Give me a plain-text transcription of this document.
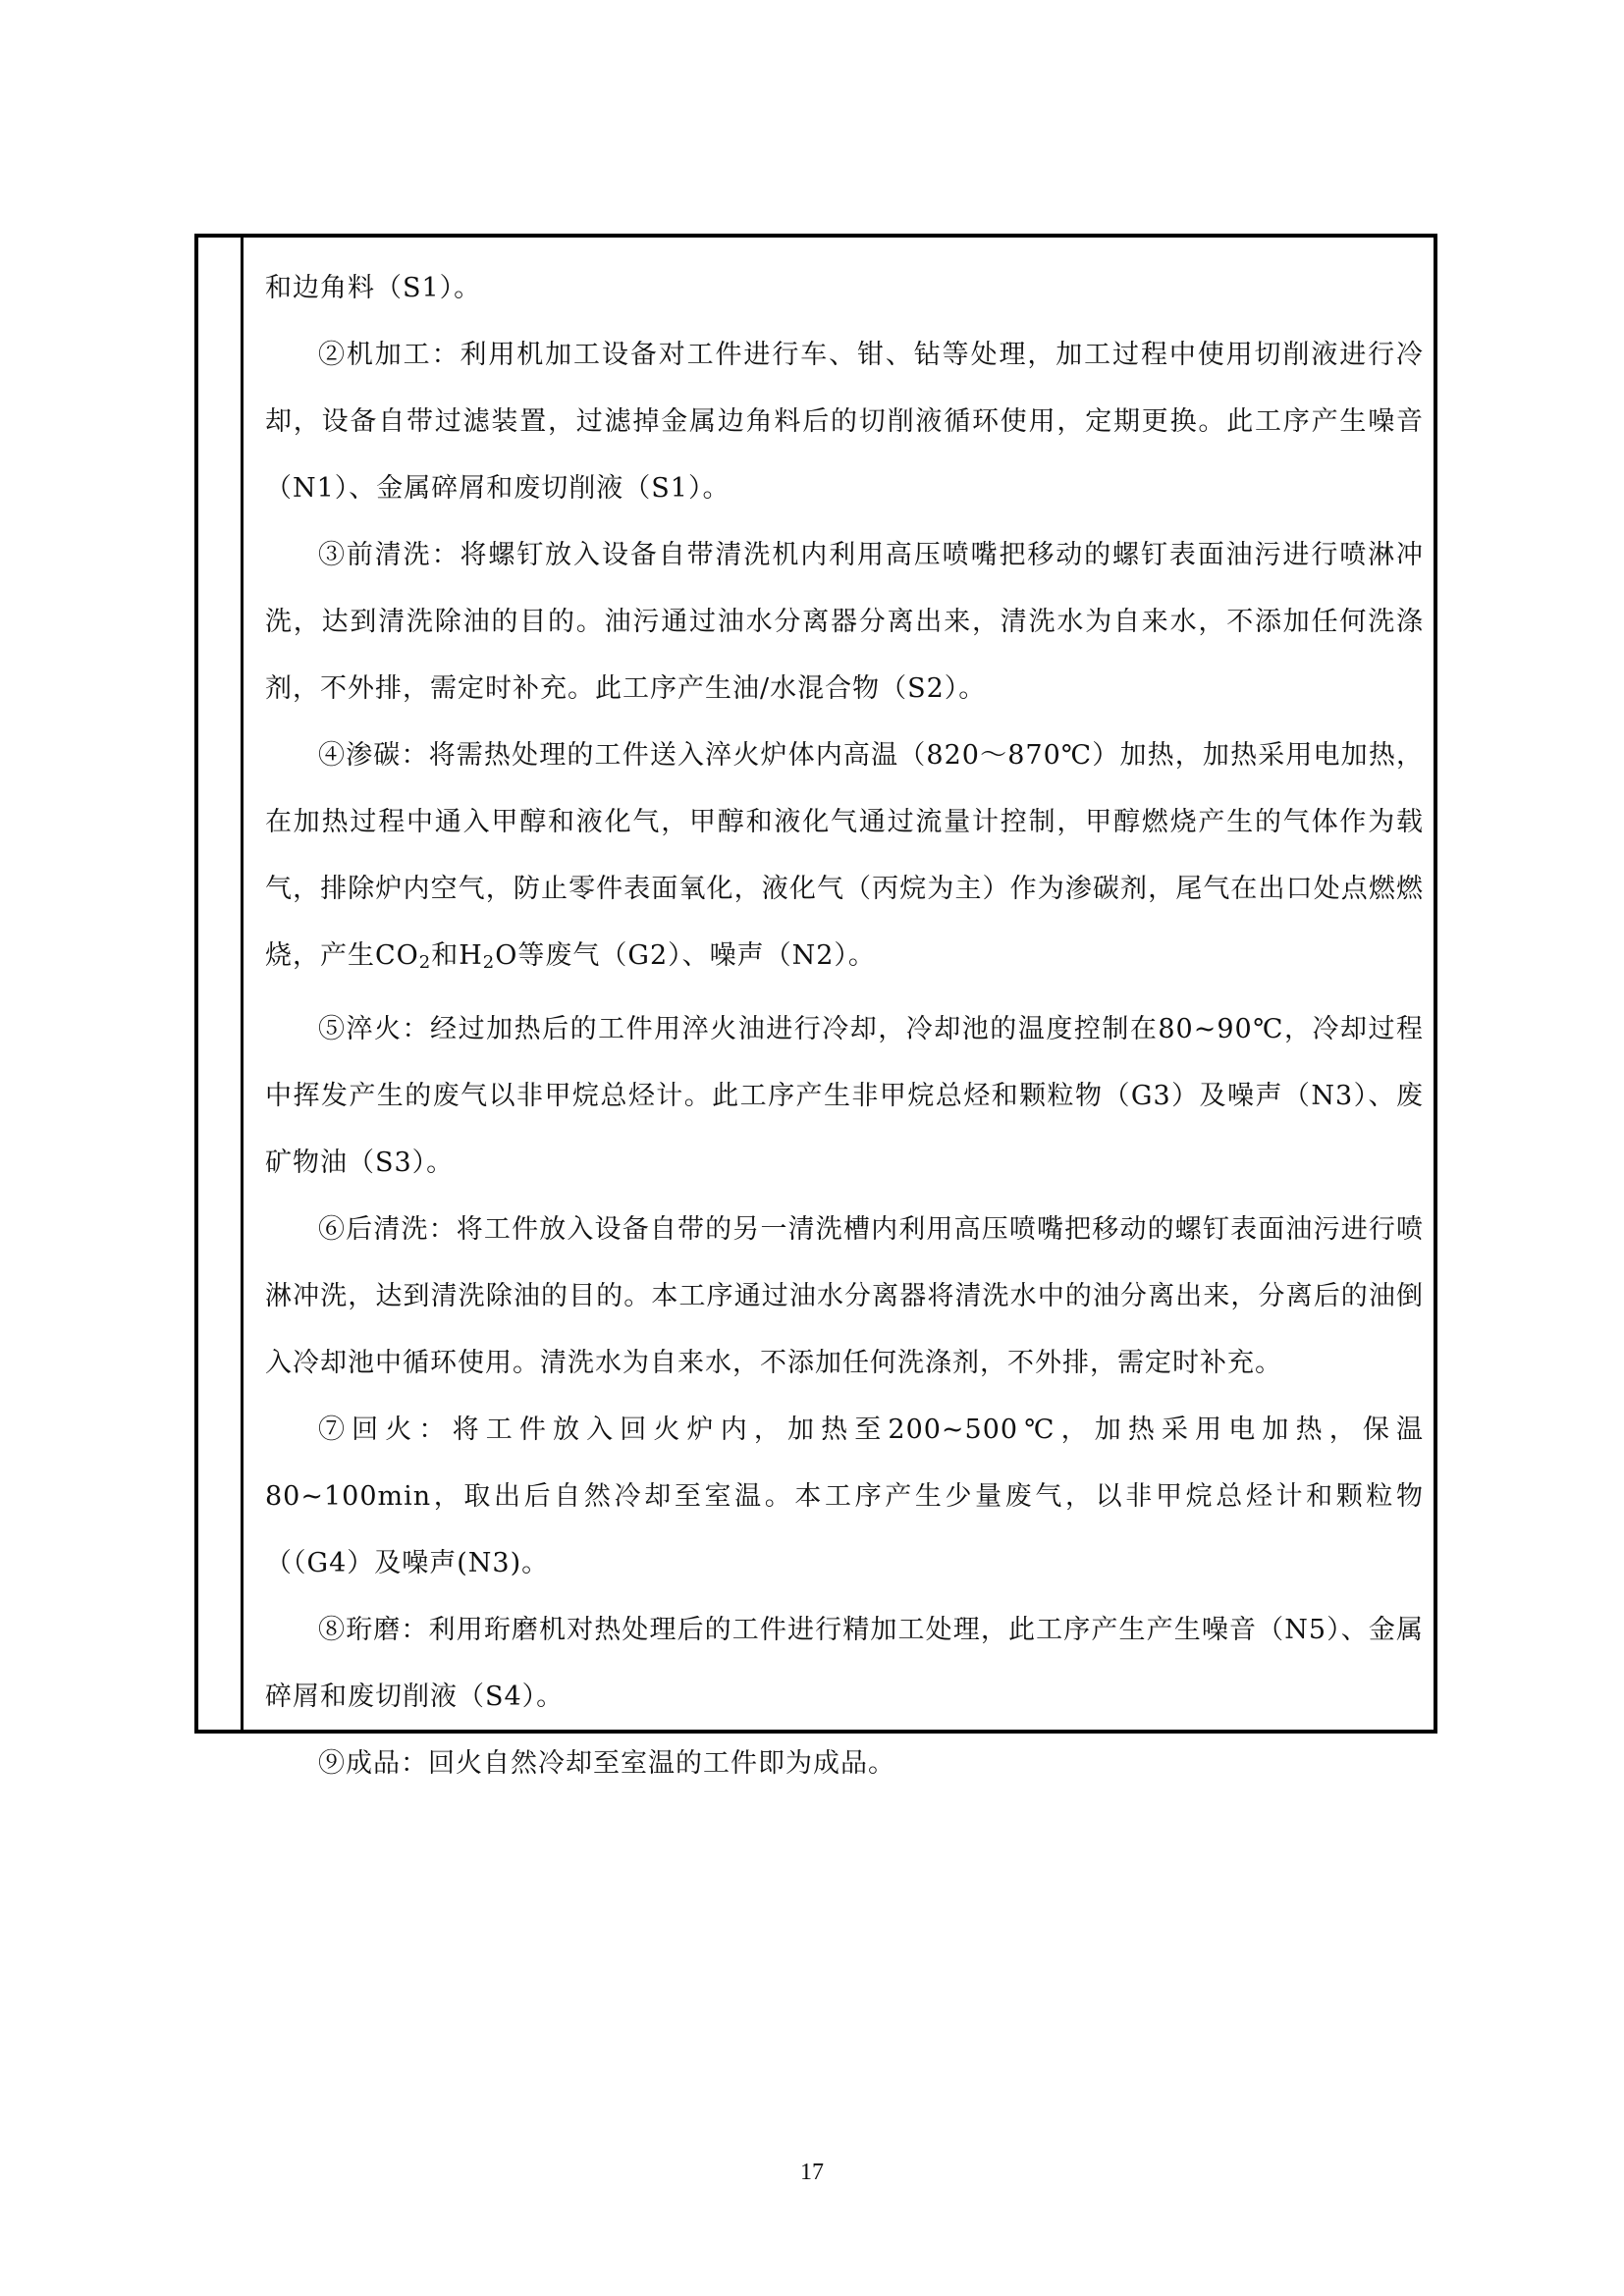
和边角料（S1）。

②机加工：利用机加工设备对工件进行车、钳、钻等处理，加工过程中使用切削液进行冷却，设备自带过滤装置，过滤掉金属边角料后的切削液循环使用，定期更换。此工序产生噪音（N1）、金属碎屑和废切削液（S1）。

③前清洗：将螺钉放入设备自带清洗机内利用高压喷嘴把移动的螺钉表面油污进行喷淋冲洗，达到清洗除油的目的。油污通过油水分离器分离出来，清洗水为自来水，不添加任何洗涤剂，不外排，需定时补充。此工序产生油/水混合物（S2）。

④渗碳：将需热处理的工件送入淬火炉体内高温（820～870℃）加热，加热采用电加热，在加热过程中通入甲醇和液化气，甲醇和液化气通过流量计控制，甲醇燃烧产生的气体作为载气，排除炉内空气，防止零件表面氧化，液化气（丙烷为主）作为渗碳剂，尾气在出口处点燃燃烧，产生$CO_2$和$H_2O$等废气（G2）、噪声（N2）。

⑤淬火：经过加热后的工件用淬火油进行冷却，冷却池的温度控制在80~90℃，冷却过程中挥发产生的废气以非甲烷总烃计。此工序产生非甲烷总烃和颗粒物（G3）及噪声（N3）、废矿物油（S3）。

⑥后清洗：将工件放入设备自带的另一清洗槽内利用高压喷嘴把移动的螺钉表面油污进行喷淋冲洗，达到清洗除油的目的。本工序通过油水分离器将清洗水中的油分离出来，分离后的油倒入冷却池中循环使用。清洗水为自来水，不添加任何洗涤剂，不外排，需定时补充。

⑦回火：将工件放入回火炉内，加热至200~500℃，加热采用电加热，保温80~100min，取出后自然冷却至室温。本工序产生少量废气，以非甲烷总烃计和颗粒物（（G4）及噪声(N3)。

⑧珩磨：利用珩磨机对热处理后的工件进行精加工处理，此工序产生产生噪音（N5）、金属碎屑和废切削液（S4）。

⑨成品：回火自然冷却至室温的工件即为成品。

17
